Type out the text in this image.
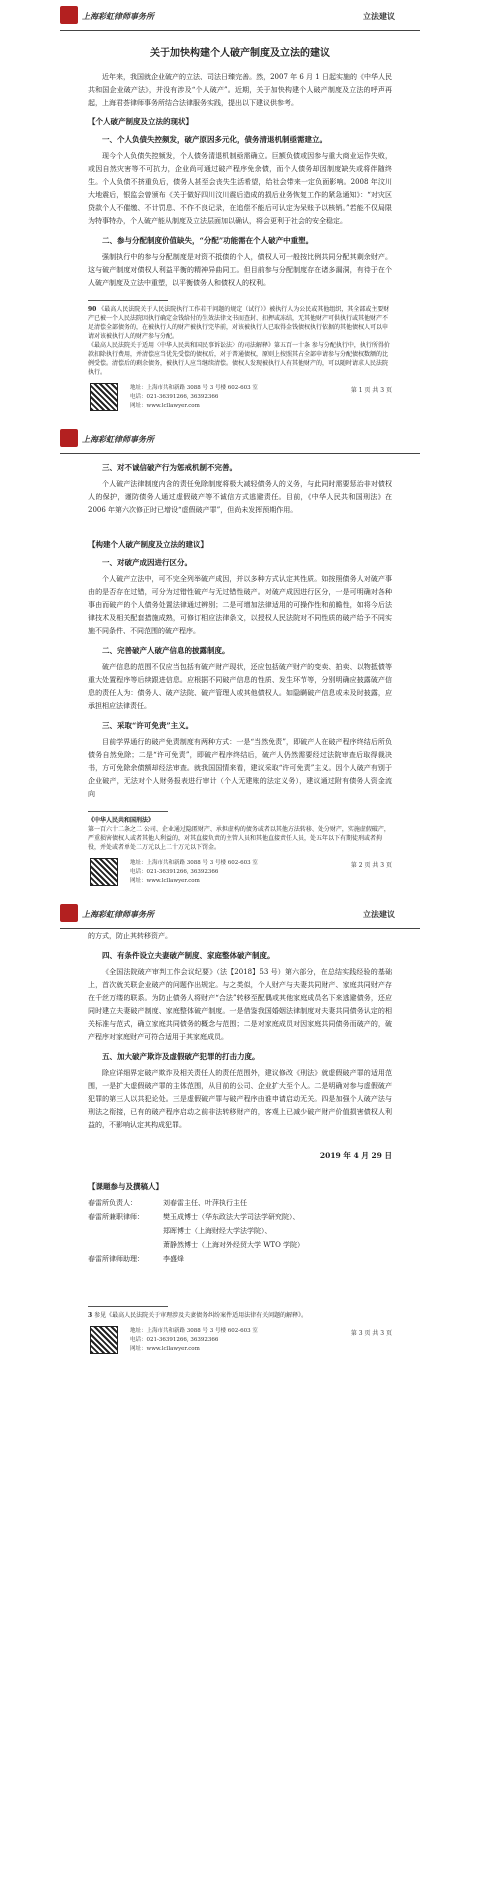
上海彩虹律师事务所	立法建议
关于加快构建个人破产制度及立法的建议
近年来，我国就企业破产的立法、司法日臻完善。然，2007 年 6 月 1 日起实施的《中华人民共和国企业破产法》，并没有涉及“个人破产”。近期，关于加快构建个人破产制度及立法的呼声再起，上海君荟律师事务所结合法律服务实践，提出以下建议供参考。
【个人破产制度及立法的现状】
一、个人负债失控频发，破产原因多元化，债务清退机制亟需建立。
现今个人负债失控频发，个人债务清退机制亟需确立。巨额负债或因参与重大商业运作失败，或因自然灾害等不可抗力，企业尚可通过破产程序免余债，而个人债务却因制度缺失或将伴随终生。个人负债不挤重负后，债务人甚至会丧失生活希望，给社会带来一定负面影响。2008 年汶川大地震后，银监会曾颁布《关于做好四川汶川震后造成的损后业务恢复工作的紧急通知》：“对灾区贷款个人不催缴、不计罚息、不作不良记录，在追偿不能后可认定为呆账予以核销。”若能不仅局限为特事特办，个人破产能从制度及立法层面加以确认，将会更利于社会的安全稳定。
二、参与分配制度价值缺失，“分配”功能需在个人破产中重塑。
强制执行中的参与分配制度是对资不抵债的个人，债权人可一般按比例共同分配其剩余财产。这与破产制度对债权人利益平衡的精神异曲同工。但目前参与分配制度存在诸多漏洞，有待于在个人破产制度及立法中重塑，以平衡债务人和债权人的权利。
90 《最高人民法院关于人民法院执行工作若干问题的规定（试行）》被执行人为公民或其他组织，其全部或主要财产已被一个人民法院因执行确定金钱给付的生效法律文书而查封、扣押或冻结，无其他财产可供执行或其他财产不足清偿全部债务的，在被执行人的财产被执行完毕前，对该被执行人已取得金钱债权执行依据的其他债权人可以申请对该被执行人的财产参与分配。
《最高人民法院关于适用〈中华人民共和国民事诉讼法〉的司法解释》第五百一十条 参与分配执行中，执行所得价款扣除执行费用，并清偿应当优先受偿的债权后，对于普通债权，原则上按照其占全部申请参与分配债权数额的比例受偿。清偿后的剩余债务，被执行人应当继续清偿。债权人发现被执行人有其他财产的，可以随时请求人民法院执行。
地址：上海市共和新路 3088 号 3 号楼 602-603 室
电话：021-36391266, 36392366
网址：www.lcllawyer.com
第 1 页 共 3 页
上海彩虹律师事务所
三、对不诚信破产行为惩戒机制不完善。
个人破产法律制度内含的责任免除制度将极大减轻债务人的义务，与此同时需要惩治非对债权人的保护，谨防债务人通过虚假破产等不诚信方式逃避责任。目前，《中华人民共和国刑法》在 2006 年第六次修正时已增设“虚假破产罪”，但尚未发挥预期作用。
【构建个人破产制度及立法的建议】
一、对破产成因进行区分。
个人破产立法中，可不完全列举破产成因，并以多种方式认定其性质。如按照债务人对破产事由的是否存在过错，可分为过错性破产与无过错性破产。对破产成因进行区分，一是可明确对各种事由而破产的个人债务处置法律通过辨别；二是可增加法律适用的可操作性和前瞻性，如将今后法律技术及相关配套措施成熟，可修订相应法律条文，以授权人民法院对不同性质的破产给予不同实施不同条件、不同范围的破产程序。
二、完善破产人破产信息的披露制度。
破产信息的范围不仅应当包括有破产财产现状，还应包括破产财产的变卖、拍卖、以物抵债等重大处置程序等后续跟进信息。应根据不同破产信息的性质、发生环节等，分别明确应披露破产信息的责任人为：债务人、破产法院、破产管理人或其他债权人。如隐瞒破产信息或未及时披露，应承担相应法律责任。
三、采取“许可免责”主义。
目前学界通行的破产免责制度有两种方式：一是“当然免责”，即破产人在破产程序终结后所负债务自然免除；二是“许可免责”，即破产程序终结后，破产人仍然需要经过法院审查后取得裁决书，方可免除余债额却经法审查。就我国国情来看，建议采取“许可免责”主义。因个人破产有别于企业破产，无法对个人财务报表进行审计（个人无建账的法定义务），建议通过附有债务人资金流向
《中华人民共和国刑法》
第一百六十二条之二 公司、企业通过隐匿财产、承担虚构的债务或者以其他方法转移、处分财产，实施虚假破产，严重损害债权人或者其他人利益的，对其直接负责的主管人员和其他直接责任人员，处五年以下有期徒刑或者拘役，并处或者单处二万元以上二十万元以下罚金。
地址：上海市共和新路 3088 号 3 号楼 602-603 室
电话：021-36391266, 36392366
网址：www.lcllawyer.com
第 2 页 共 3 页
上海彩虹律师事务所	立法建议
的方式，防止其转移资产。
四、有条件设立夫妻破产制度、家庭整体破产制度。
《全国法院破产审判工作会议纪要》（法【2018】53 号）第六部分，在总结实践经验的基础上，首次就关联企业破产的问题作出规定。与之类似，个人财产与夫妻共同财产、家庭共同财产存在千丝万缕的联系。为防止债务人将财产“合法”转移至配偶或其他家庭成员名下来逃避债务，还应同时建立夫妻破产制度、家庭整体破产制度。一是借鉴我国婚姻法律制度对夫妻共同债务认定的相关标准与范式，确立家庭共同债务的概念与范围；二是对家庭成员对因家庭共同债务而破产的，破产程序对家庭财产可符合适用于其家庭成员。
五、加大破产欺诈及虚假破产犯罪的打击力度。
除应详细界定破产欺诈及相关责任人的责任范围外，建议修改《刑法》就虚假破产罪的适用范围，一是扩大虚假破产罪的主体范围，从目前的公司、企业扩大至个人。二是明确对参与虚假破产犯罪的第三人以共犯论处。三是虚假破产罪与破产程序由谁申请启动无关。四是加强个人破产法与刑法之衔接，已有的破产程序启动之前非法转移财产的，客观上已减少破产财产价值损害债权人利益的，不影响认定其构成犯罪。
2019 年 4 月 29 日
【课题参与及撰稿人】
春雷所负责人：	刘春雷主任、叶萍执行主任
春雷所兼职律师：	樊玉成博士（华东政法大学司法学研究院）、
郑晖博士（上海财经大学法学院）、
萧静然博士（上海对外经贸大学 WTO 学院）
春雷所律师助理：	李盛烽
3 参见《最高人民法院关于审理涉及夫妻债务纠纷案件适用法律有关问题的解释》。
地址：上海市共和新路 3088 号 3 号楼 602-603 室
电话：021-36391266, 36392366
网址：www.lcllawyer.com
第 3 页 共 3 页
